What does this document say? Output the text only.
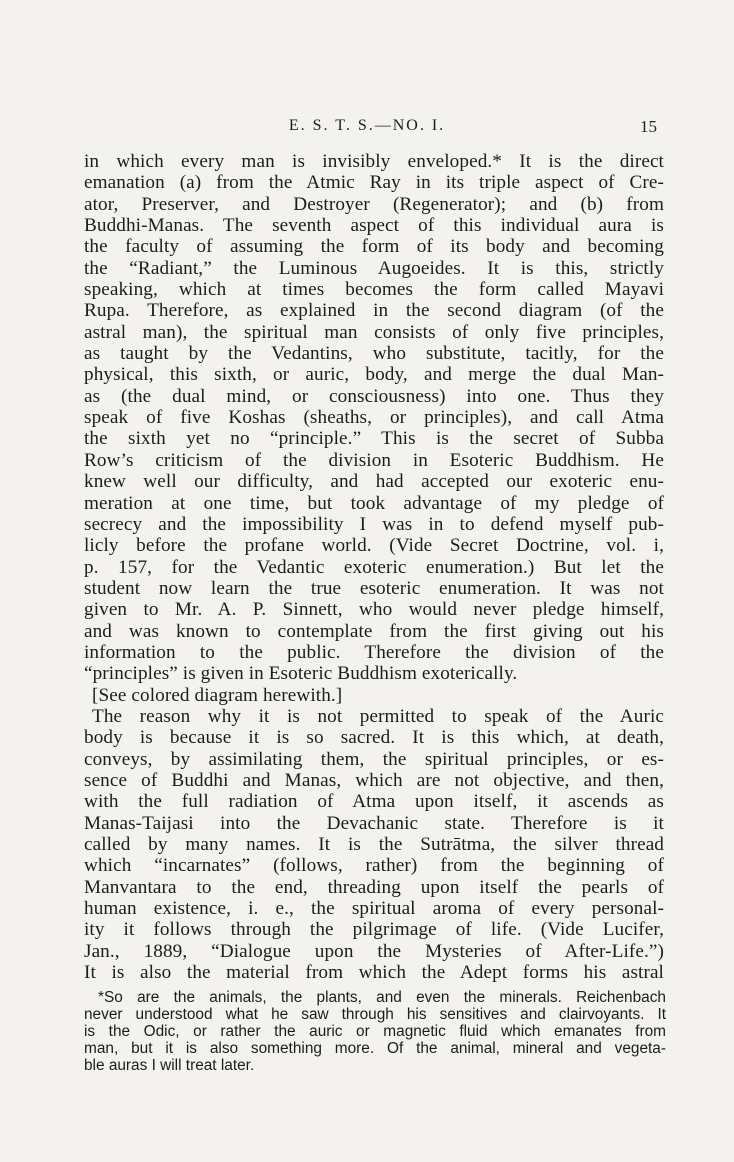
E. S. T. S.—NO. I.	15
in which every man is invisibly enveloped.* It is the direct
emanation (a) from the Atmic Ray in its triple aspect of Cre-
ator, Preserver, and Destroyer (Regenerator); and (b) from
Buddhi-Manas. The seventh aspect of this individual aura is
the faculty of assuming the form of its body and becoming
the “Radiant,” the Luminous Augoeides. It is this, strictly
speaking, which at times becomes the form called Mayavi
Rupa. Therefore, as explained in the second diagram (of the
astral man), the spiritual man consists of only five principles,
as taught by the Vedantins, who substitute, tacitly, for the
physical, this sixth, or auric, body, and merge the dual Man-
as (the dual mind, or consciousness) into one. Thus they
speak of five Koshas (sheaths, or principles), and call Atma
the sixth yet no “principle.” This is the secret of Subba
Row’s criticism of the division in Esoteric Buddhism. He
knew well our difficulty, and had accepted our exoteric enu-
meration at one time, but took advantage of my pledge of
secrecy and the impossibility I was in to defend myself pub-
licly before the profane world. (Vide Secret Doctrine, vol. i,
p. 157, for the Vedantic exoteric enumeration.) But let the
student now learn the true esoteric enumeration. It was not
given to Mr. A. P. Sinnett, who would never pledge himself,
and was known to contemplate from the first giving out his
information to the public. Therefore the division of the
“principles” is given in Esoteric Buddhism exoterically.
[See colored diagram herewith.]
The reason why it is not permitted to speak of the Auric
body is because it is so sacred. It is this which, at death,
conveys, by assimilating them, the spiritual principles, or es-
sence of Buddhi and Manas, which are not objective, and then,
with the full radiation of Atma upon itself, it ascends as
Manas-Taijasi into the Devachanic state. Therefore is it
called by many names. It is the Sutrātma, the silver thread
which “incarnates” (follows, rather) from the beginning of
Manvantara to the end, threading upon itself the pearls of
human existence, i. e., the spiritual aroma of every personal-
ity it follows through the pilgrimage of life. (Vide Lucifer,
Jan., 1889, “Dialogue upon the Mysteries of After-Life.”)
It is also the material from which the Adept forms his astral
*So are the animals, the plants, and even the minerals. Reichenbach
never understood what he saw through his sensitives and clairvoyants. It
is the Odic, or rather the auric or magnetic fluid which emanates from
man, but it is also something more. Of the animal, mineral and vegeta-
ble auras I will treat later.
